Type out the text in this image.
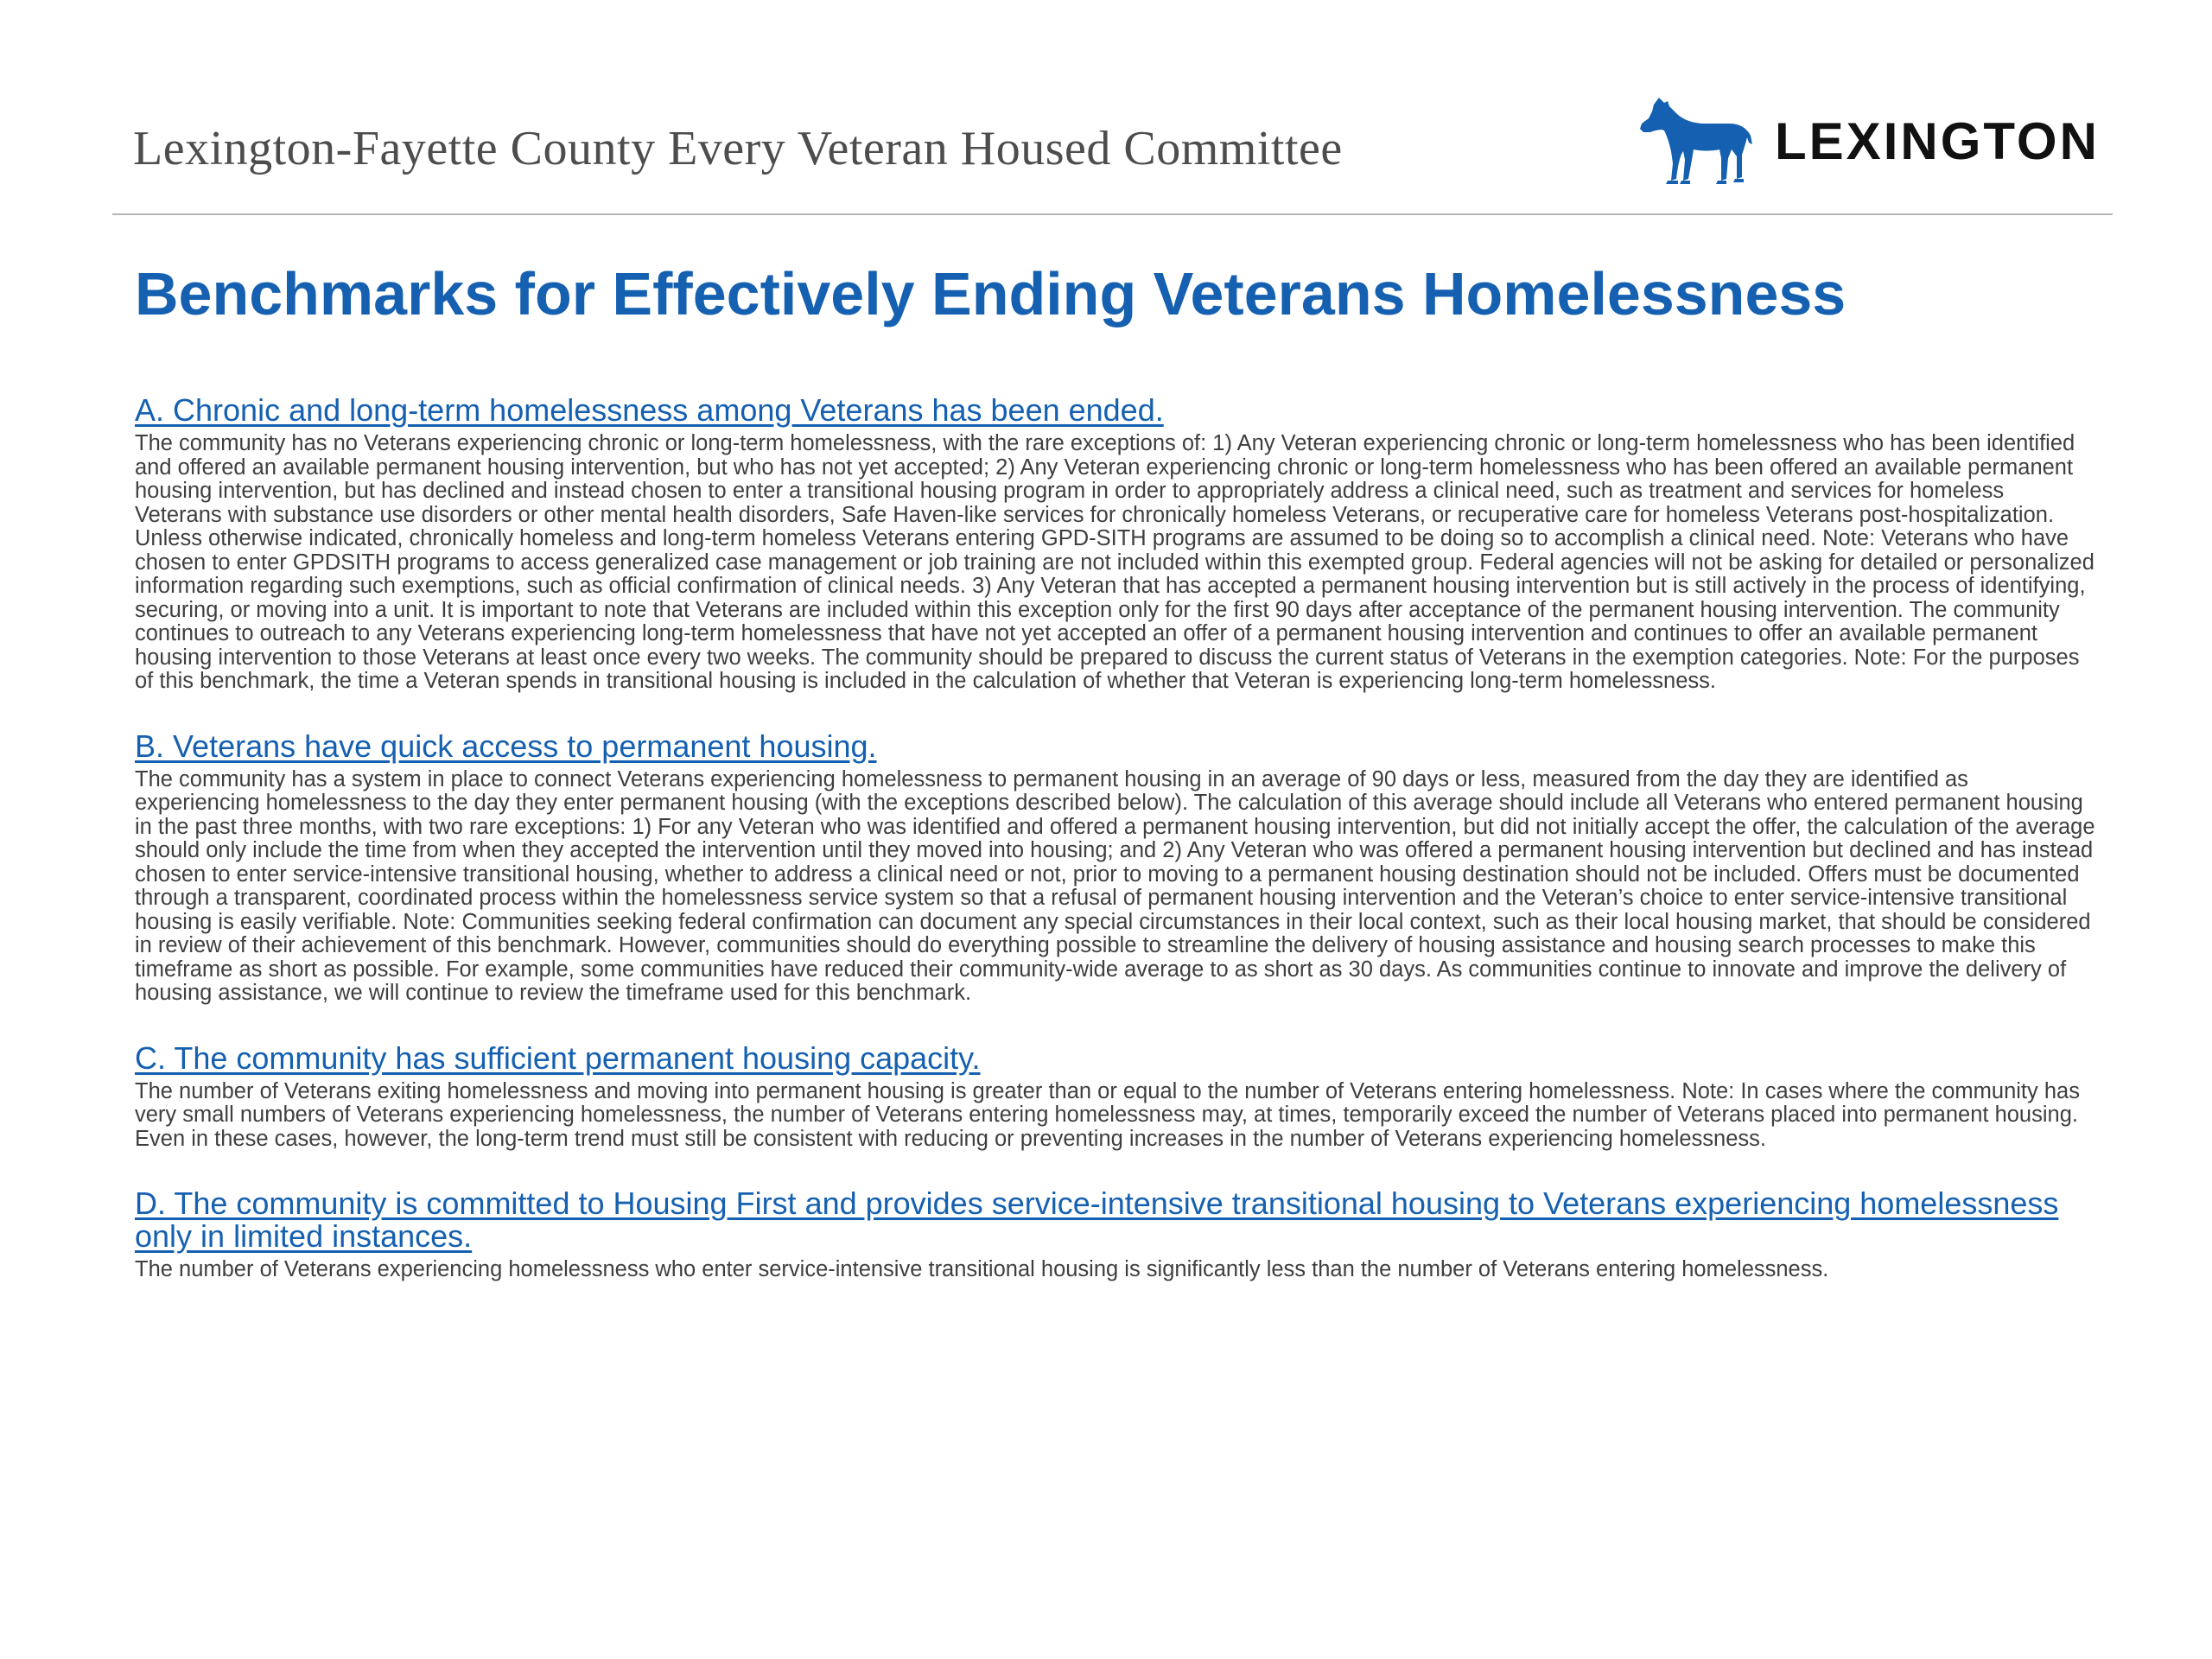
Lexington-Fayette County Every Veteran Housed Committee	LEXINGTON
Benchmarks for Effectively Ending Veterans Homelessness
A. Chronic and long-term homelessness among Veterans has been ended.

The community has no Veterans experiencing chronic or long-term homelessness, with the rare exceptions of: 1) Any Veteran experiencing chronic or long-term homelessness who has been identified and offered an available permanent housing intervention, but who has not yet accepted; 2) Any Veteran experiencing chronic or long-term homelessness who has been offered an available permanent housing intervention, but has declined and instead chosen to enter a transitional housing program in order to appropriately address a clinical need, such as treatment and services for homeless Veterans with substance use disorders or other mental health disorders, Safe Haven-like services for chronically homeless Veterans, or recuperative care for homeless Veterans post-hospitalization. Unless otherwise indicated, chronically homeless and long-term homeless Veterans entering GPD-SITH programs are assumed to be doing so to accomplish a clinical need. Note: Veterans who have chosen to enter GPDSITH programs to access generalized case management or job training are not included within this exempted group. Federal agencies will not be asking for detailed or personalized information regarding such exemptions, such as official confirmation of clinical needs. 3) Any Veteran that has accepted a permanent housing intervention but is still actively in the process of identifying, securing, or moving into a unit. It is important to note that Veterans are included within this exception only for the first 90 days after acceptance of the permanent housing intervention. The community continues to outreach to any Veterans experiencing long-term homelessness that have not yet accepted an offer of a permanent housing intervention and continues to offer an available permanent housing intervention to those Veterans at least once every two weeks. The community should be prepared to discuss the current status of Veterans in the exemption categories. Note: For the purposes of this benchmark, the time a Veteran spends in transitional housing is included in the calculation of whether that Veteran is experiencing long-term homelessness.

B. Veterans have quick access to permanent housing.

The community has a system in place to connect Veterans experiencing homelessness to permanent housing in an average of 90 days or less, measured from the day they are identified as experiencing homelessness to the day they enter permanent housing (with the exceptions described below). The calculation of this average should include all Veterans who entered permanent housing in the past three months, with two rare exceptions: 1) For any Veteran who was identified and offered a permanent housing intervention, but did not initially accept the offer, the calculation of the average should only include the time from when they accepted the intervention until they moved into housing; and 2) Any Veteran who was offered a permanent housing intervention but declined and has instead chosen to enter service-intensive transitional housing, whether to address a clinical need or not, prior to moving to a permanent housing destination should not be included. Offers must be documented through a transparent, coordinated process within the homelessness service system so that a refusal of permanent housing intervention and the Veteran’s choice to enter service-intensive transitional housing is easily verifiable. Note: Communities seeking federal confirmation can document any special circumstances in their local context, such as their local housing market, that should be considered in review of their achievement of this benchmark. However, communities should do everything possible to streamline the delivery of housing assistance and housing search processes to make this timeframe as short as possible. For example, some communities have reduced their community-wide average to as short as 30 days. As communities continue to innovate and improve the delivery of housing assistance, we will continue to review the timeframe used for this benchmark.

C. The community has sufficient permanent housing capacity.

The number of Veterans exiting homelessness and moving into permanent housing is greater than or equal to the number of Veterans entering homelessness. Note: In cases where the community has very small numbers of Veterans experiencing homelessness, the number of Veterans entering homelessness may, at times, temporarily exceed the number of Veterans placed into permanent housing. Even in these cases, however, the long-term trend must still be consistent with reducing or preventing increases in the number of Veterans experiencing homelessness.

D. The community is committed to Housing First and provides service-intensive transitional housing to Veterans experiencing homelessness only in limited instances.

The number of Veterans experiencing homelessness who enter service-intensive transitional housing is significantly less than the number of Veterans entering homelessness.
